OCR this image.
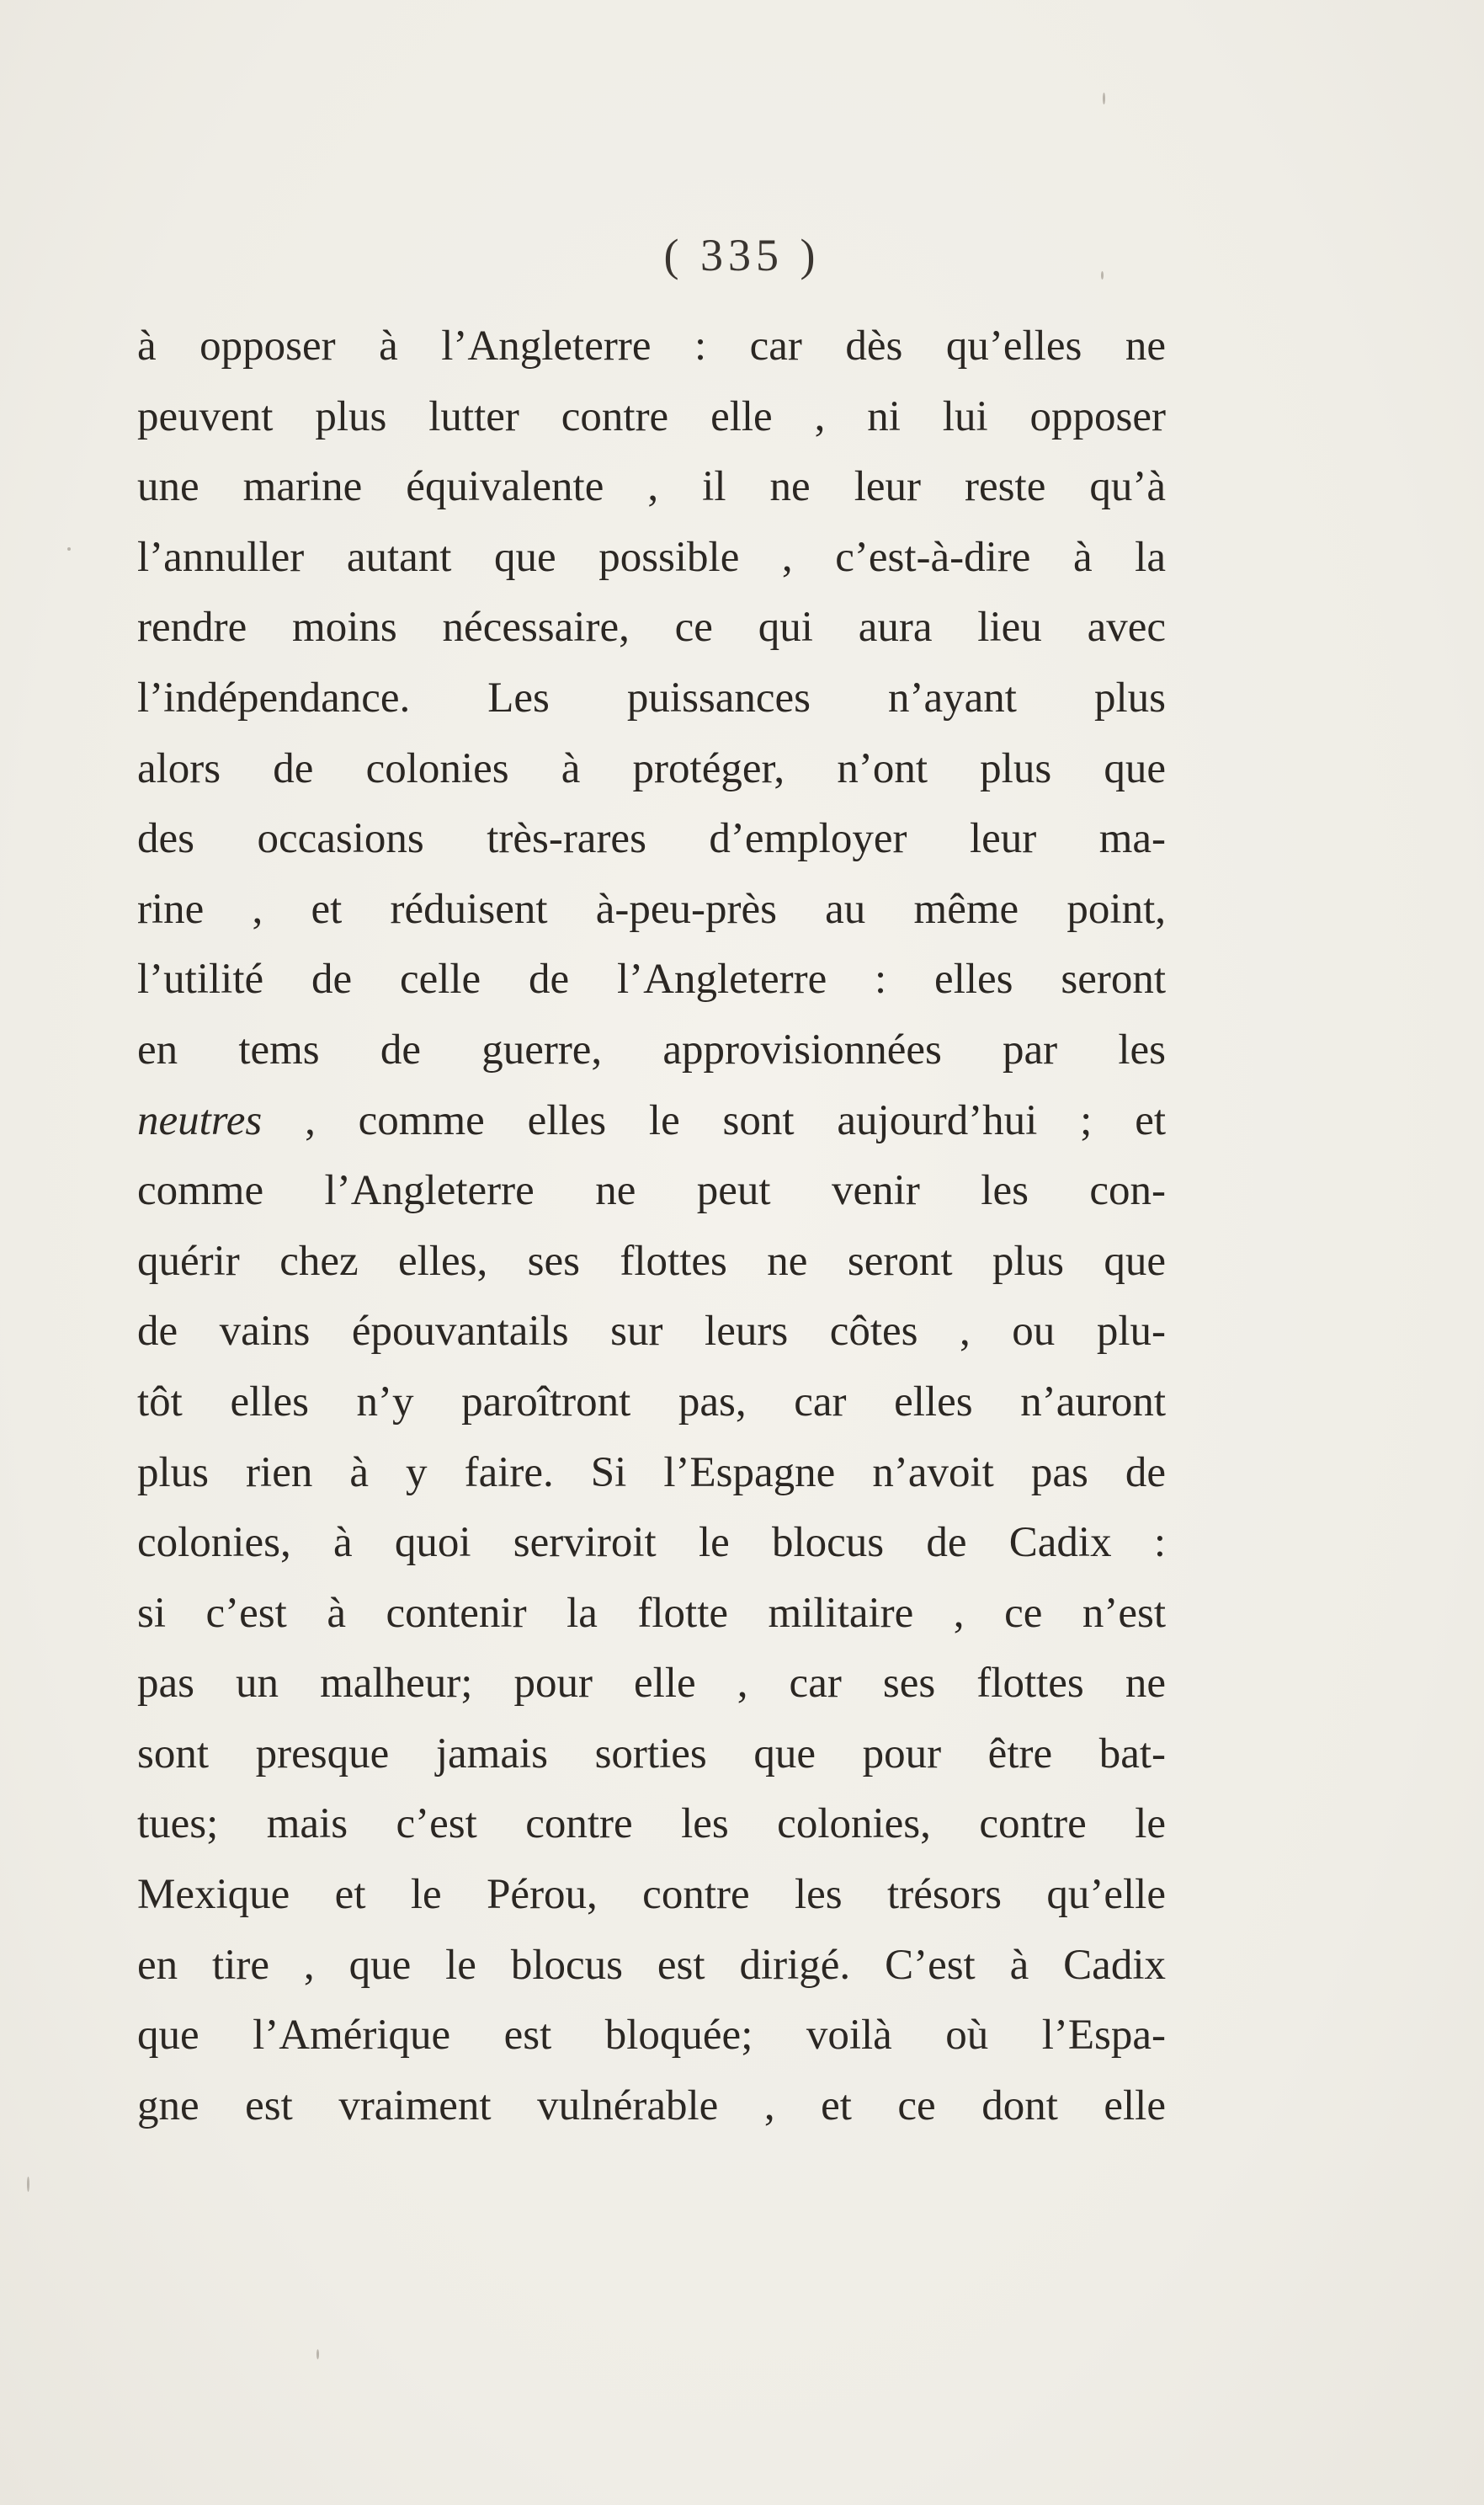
( 335 )
à opposer à l’Angleterre : car dès qu’elles ne
peuvent plus lutter contre elle , ni lui opposer
une marine équivalente , il ne leur reste qu’à
l’annuller autant que possible , c’est-à-dire à la
rendre moins nécessaire, ce qui aura lieu avec
l’indépendance. Les puissances n’ayant plus
alors de colonies à protéger, n’ont plus que
des occasions très-rares d’employer leur ma-
rine , et réduisent à-peu-près au même point,
l’utilité de celle de l’Angleterre : elles seront
en tems de guerre, approvisionnées par les
neutres , comme elles le sont aujourd’hui ; et
comme l’Angleterre ne peut venir les con-
quérir chez elles, ses flottes ne seront plus que
de vains épouvantails sur leurs côtes , ou plu-
tôt elles n’y paroîtront pas, car elles n’auront
plus rien à y faire. Si l’Espagne n’avoit pas de
colonies, à quoi serviroit le blocus de Cadix :
si c’est à contenir la flotte militaire , ce n’est
pas un malheur; pour elle , car ses flottes ne
sont presque jamais sorties que pour être bat-
tues; mais c’est contre les colonies, contre le
Mexique et le Pérou, contre les trésors qu’elle
en tire , que le blocus est dirigé. C’est à Cadix
que l’Amérique est bloquée; voilà où l’Espa-
gne est vraiment vulnérable , et ce dont elle
